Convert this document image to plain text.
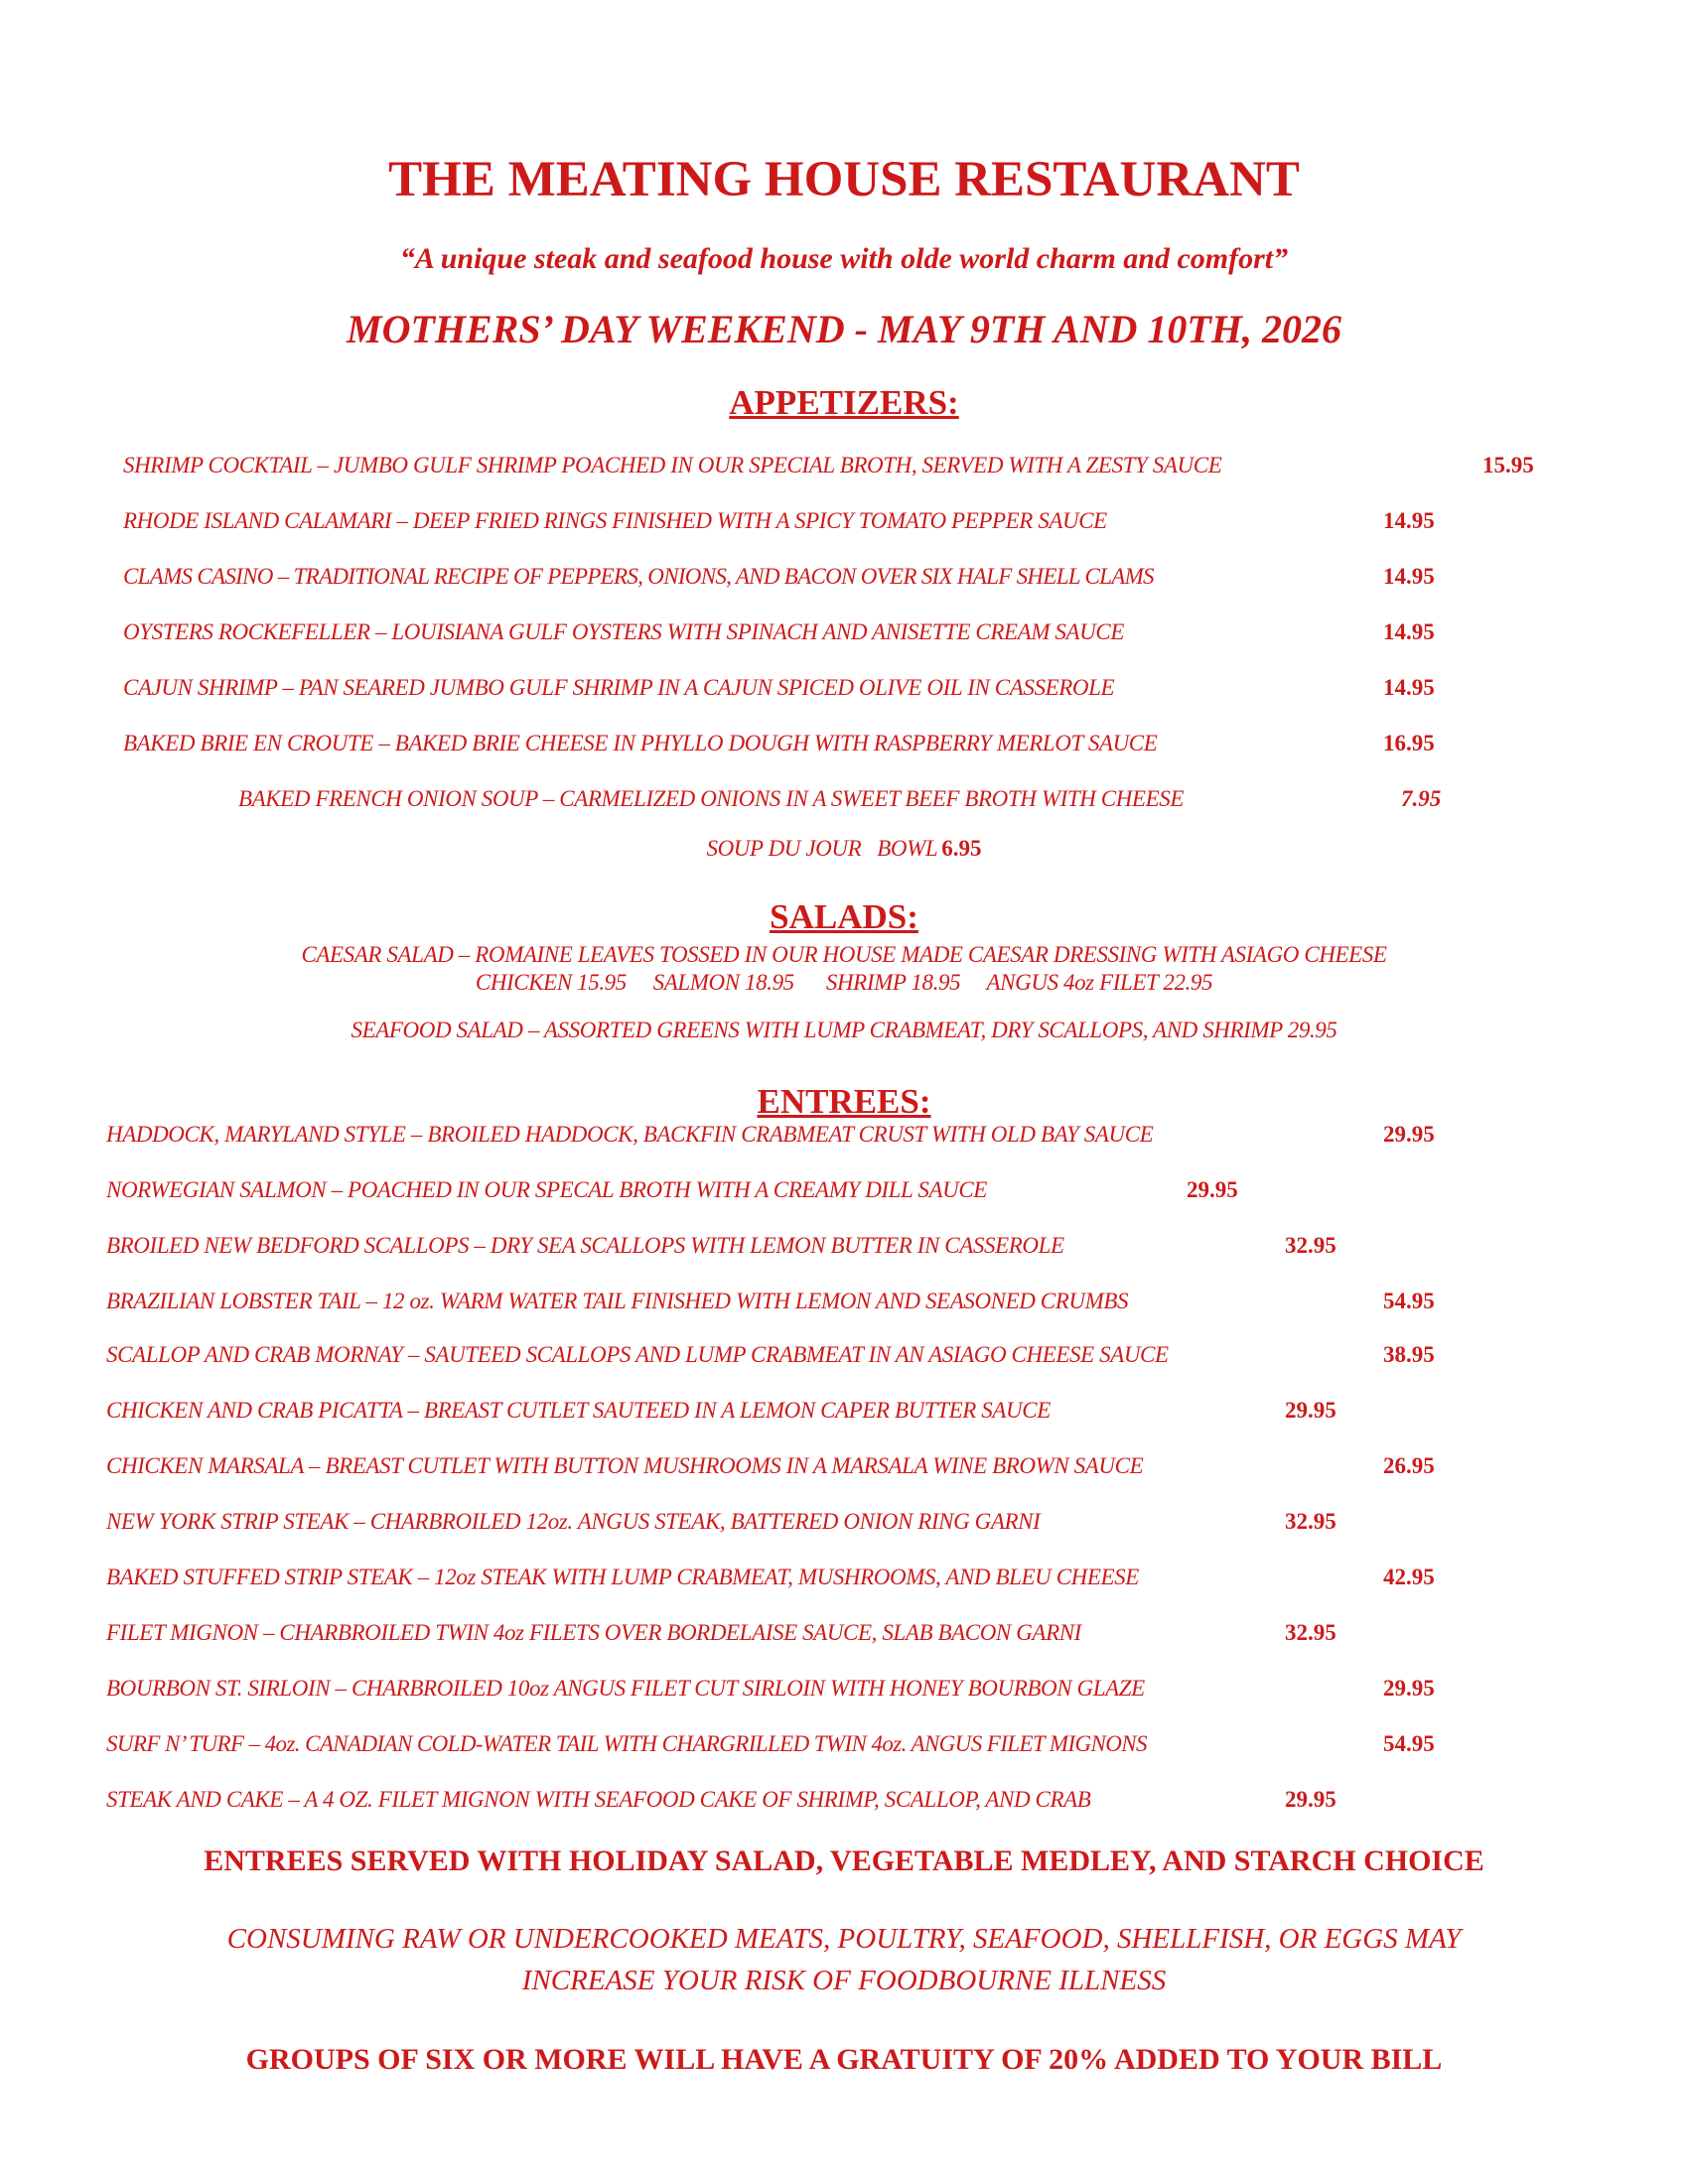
THE MEATING HOUSE RESTAURANT
“A unique steak and seafood house with olde world charm and comfort”
MOTHERS’ DAY WEEKEND - MAY 9TH AND 10TH, 2026
APPETIZERS:
SHRIMP COCKTAIL – JUMBO GULF SHRIMP POACHED IN OUR SPECIAL BROTH, SERVED WITH A ZESTY SAUCE	15.95
RHODE ISLAND CALAMARI – DEEP FRIED RINGS FINISHED WITH A SPICY TOMATO PEPPER SAUCE	14.95
CLAMS CASINO – TRADITIONAL RECIPE OF PEPPERS, ONIONS, AND BACON OVER SIX HALF SHELL CLAMS	14.95
OYSTERS ROCKEFELLER – LOUISIANA GULF OYSTERS WITH SPINACH AND ANISETTE CREAM SAUCE	14.95
CAJUN SHRIMP – PAN SEARED JUMBO GULF SHRIMP IN A CAJUN SPICED OLIVE OIL IN CASSEROLE	14.95
BAKED BRIE EN CROUTE – BAKED BRIE CHEESE IN PHYLLO DOUGH WITH RASPBERRY MERLOT SAUCE	16.95
BAKED FRENCH ONION SOUP – CARMELIZED ONIONS IN A SWEET BEEF BROTH WITH CHEESE	7.95
SOUP DU JOUR   BOWL 6.95
SALADS:
CAESAR SALAD – ROMAINE LEAVES TOSSED IN OUR HOUSE MADE CAESAR DRESSING WITH ASIAGO CHEESE
CHICKEN 15.95     SALMON 18.95      SHRIMP 18.95     ANGUS 4oz FILET 22.95
SEAFOOD SALAD – ASSORTED GREENS WITH LUMP CRABMEAT, DRY SCALLOPS, AND SHRIMP 29.95
ENTREES:
HADDOCK, MARYLAND STYLE – BROILED HADDOCK, BACKFIN CRABMEAT CRUST WITH OLD BAY SAUCE	29.95
NORWEGIAN SALMON – POACHED IN OUR SPECAL BROTH WITH A CREAMY DILL SAUCE	29.95
BROILED NEW BEDFORD SCALLOPS – DRY SEA SCALLOPS WITH LEMON BUTTER IN CASSEROLE	32.95
BRAZILIAN LOBSTER TAIL – 12 oz. WARM WATER TAIL FINISHED WITH LEMON AND SEASONED CRUMBS	54.95
SCALLOP AND CRAB MORNAY – SAUTEED SCALLOPS AND LUMP CRABMEAT IN AN ASIAGO CHEESE SAUCE	38.95
CHICKEN AND CRAB PICATTA – BREAST CUTLET SAUTEED IN A LEMON CAPER BUTTER SAUCE	29.95
CHICKEN MARSALA – BREAST CUTLET WITH BUTTON MUSHROOMS IN A MARSALA WINE BROWN SAUCE	26.95
NEW YORK STRIP STEAK – CHARBROILED 12oz. ANGUS STEAK, BATTERED ONION RING GARNI	32.95
BAKED STUFFED STRIP STEAK – 12oz STEAK WITH LUMP CRABMEAT, MUSHROOMS, AND BLEU CHEESE	42.95
FILET MIGNON – CHARBROILED TWIN 4oz FILETS OVER BORDELAISE SAUCE, SLAB BACON GARNI	32.95
BOURBON ST. SIRLOIN – CHARBROILED 10oz ANGUS FILET CUT SIRLOIN WITH HONEY BOURBON GLAZE	29.95
SURF N’ TURF – 4oz. CANADIAN COLD-WATER TAIL WITH CHARGRILLED TWIN 4oz. ANGUS FILET MIGNONS	54.95
STEAK AND CAKE – A 4 OZ. FILET MIGNON WITH SEAFOOD CAKE OF SHRIMP, SCALLOP, AND CRAB	29.95
ENTREES SERVED WITH HOLIDAY SALAD, VEGETABLE MEDLEY, AND STARCH CHOICE
CONSUMING RAW OR UNDERCOOKED MEATS, POULTRY, SEAFOOD, SHELLFISH, OR EGGS MAY
INCREASE YOUR RISK OF FOODBOURNE ILLNESS
GROUPS OF SIX OR MORE WILL HAVE A GRATUITY OF 20% ADDED TO YOUR BILL
